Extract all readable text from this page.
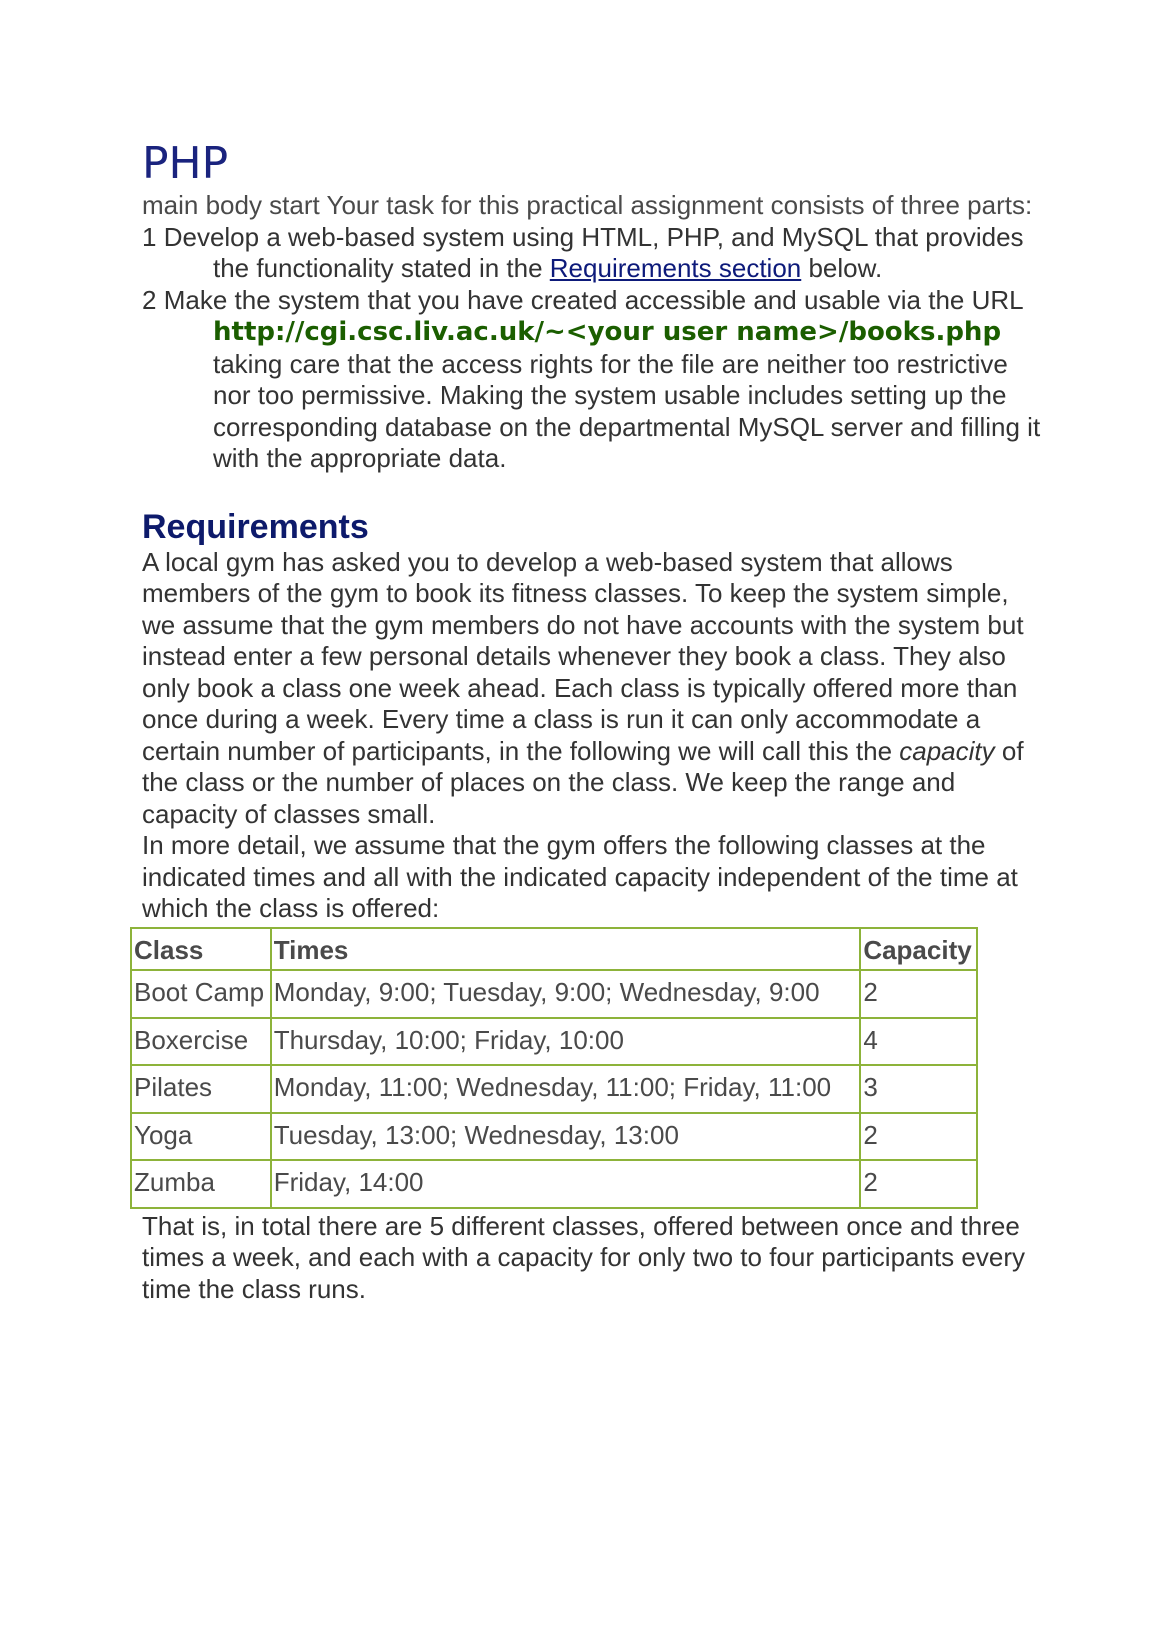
PHP

main body start Your task for this practical assignment consists of three parts:

1 Develop a web-based system using HTML, PHP, and MySQL that provides the functionality stated in the Requirements section below.

2 Make the system that you have created accessible and usable via the URL http://cgi.csc.liv.ac.uk/~<your user name>/books.php taking care that the access rights for the file are neither too restrictive nor too permissive. Making the system usable includes setting up the corresponding database on the departmental MySQL server and filling it with the appropriate data.

Requirements

A local gym has asked you to develop a web-based system that allows members of the gym to book its fitness classes. To keep the system simple, we assume that the gym members do not have accounts with the system but instead enter a few personal details whenever they book a class. They also only book a class one week ahead. Each class is typically offered more than once during a week. Every time a class is run it can only accommodate a certain number of participants, in the following we will call this the capacity of the class or the number of places on the class. We keep the range and capacity of classes small.

In more detail, we assume that the gym offers the following classes at the indicated times and all with the indicated capacity independent of the time at which the class is offered:

Class	Times	Capacity
Boot Camp	Monday, 9:00; Tuesday, 9:00; Wednesday, 9:00	2
Boxercise	Thursday, 10:00; Friday, 10:00	4
Pilates	Monday, 11:00; Wednesday, 11:00; Friday, 11:00	3
Yoga	Tuesday, 13:00; Wednesday, 13:00	2
Zumba	Friday, 14:00	2

That is, in total there are 5 different classes, offered between once and three times a week, and each with a capacity for only two to four participants every time the class runs.
